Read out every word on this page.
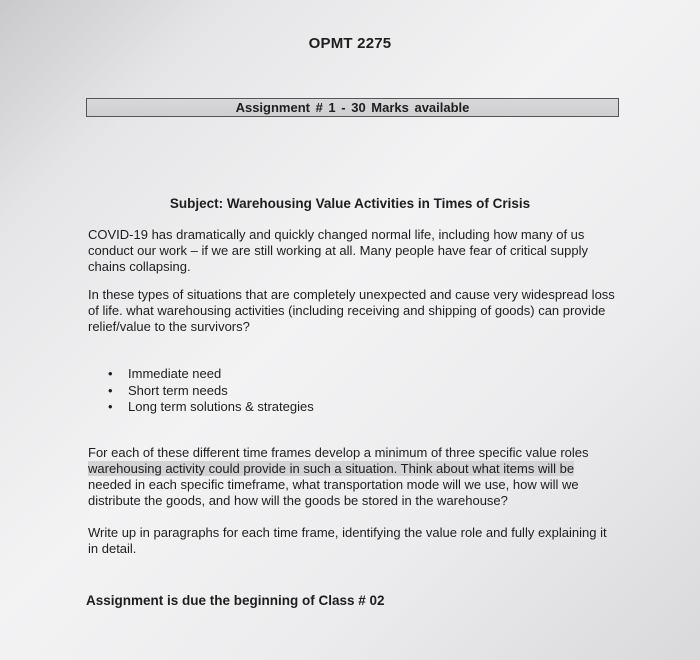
OPMT 2275
Assignment # 1 - 30 Marks available
Subject: Warehousing Value Activities in Times of Crisis

COVID-19 has dramatically and quickly changed normal life, including how many of us conduct our work – if we are still working at all. Many people have fear of critical supply chains collapsing.

In these types of situations that are completely unexpected and cause very widespread loss of life. what warehousing activities (including receiving and shipping of goods) can provide relief/value to the survivors?

• Immediate need
• Short term needs
• Long term solutions & strategies

For each of these different time frames develop a minimum of three specific value roles warehousing activity could provide in such a situation. Think about what items will be needed in each specific timeframe, what transportation mode will we use, how will we distribute the goods, and how will the goods be stored in the warehouse?

Write up in paragraphs for each time frame, identifying the value role and fully explaining it in detail.

Assignment is due the beginning of Class # 02
